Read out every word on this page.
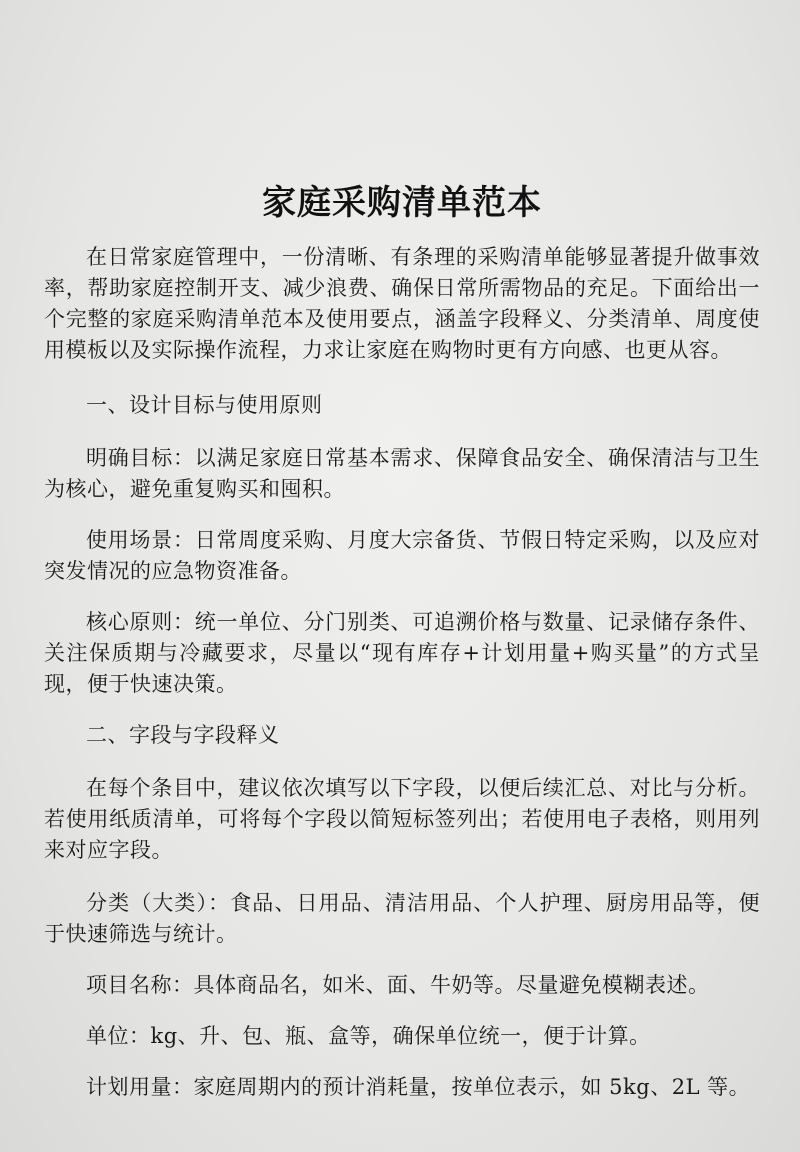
家庭采购清单范本

在日常家庭管理中，一份清晰、有条理的采购清单能够显著提升做事效率，帮助家庭控制开支、减少浪费、确保日常所需物品的充足。下面给出一个完整的家庭采购清单范本及使用要点，涵盖字段释义、分类清单、周度使用模板以及实际操作流程，力求让家庭在购物时更有方向感、也更从容。

一、设计目标与使用原则

明确目标：以满足家庭日常基本需求、保障食品安全、确保清洁与卫生为核心，避免重复购买和囤积。

使用场景：日常周度采购、月度大宗备货、节假日特定采购，以及应对突发情况的应急物资准备。

核心原则：统一单位、分门别类、可追溯价格与数量、记录储存条件、关注保质期与冷藏要求，尽量以“现有库存+计划用量+购买量”的方式呈现，便于快速决策。

二、字段与字段释义

在每个条目中，建议依次填写以下字段，以便后续汇总、对比与分析。若使用纸质清单，可将每个字段以简短标签列出；若使用电子表格，则用列来对应字段。

分类（大类）：食品、日用品、清洁用品、个人护理、厨房用品等，便于快速筛选与统计。

项目名称：具体商品名，如米、面、牛奶等。尽量避免模糊表述。

单位：kg、升、包、瓶、盒等，确保单位统一，便于计算。

计划用量：家庭周期内的预计消耗量，按单位表示，如 5kg、2L 等。
